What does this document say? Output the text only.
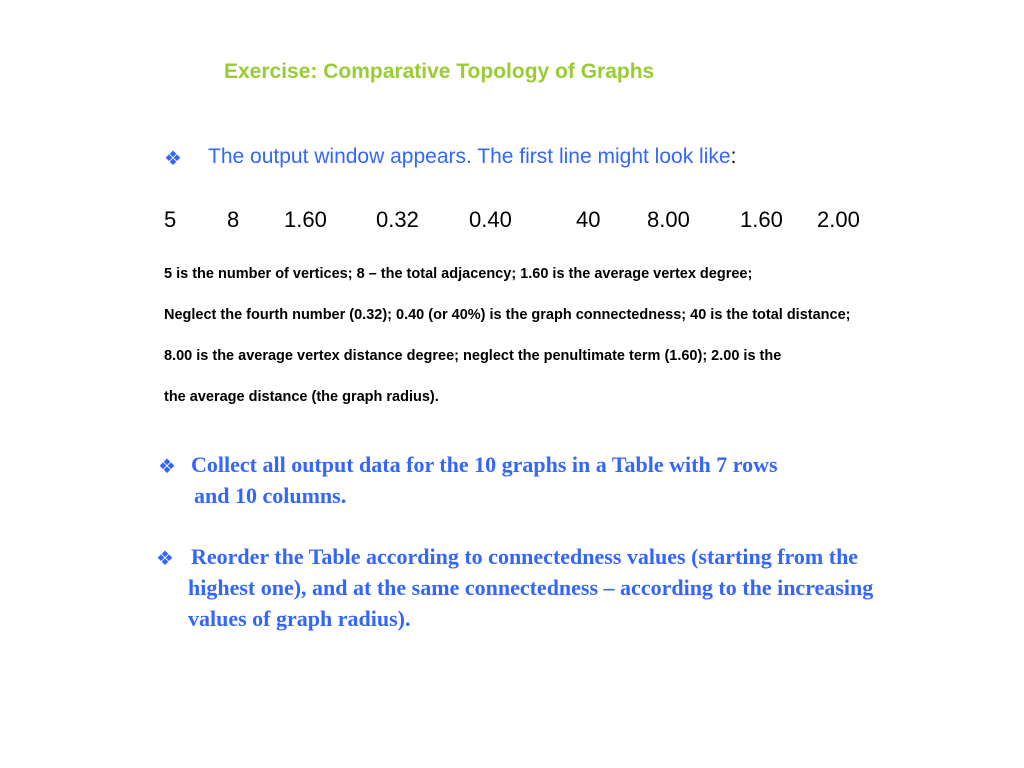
Exercise: Comparative Topology of Graphs
❖ The output window appears. The first line might look like:
5 8 1.60 0.32 0.40	40 8.00 1.60 2.00
5 is the number of vertices; 8 – the total adjacency; 1.60 is the average vertex degree;
Neglect the fourth number (0.32); 0.40 (or 40%) is the graph connectedness; 40 is the total distance;
8.00 is the average vertex distance degree; neglect the penultimate term (1.60); 2.00 is the
the average distance (the graph radius).
❖ Collect all output data for the 10 graphs in a Table with 7 rows
and 10 columns.
❖ Reorder the Table according to connectedness values (starting from the
highest one), and at the same connectedness – according to the increasing
values of graph radius).
